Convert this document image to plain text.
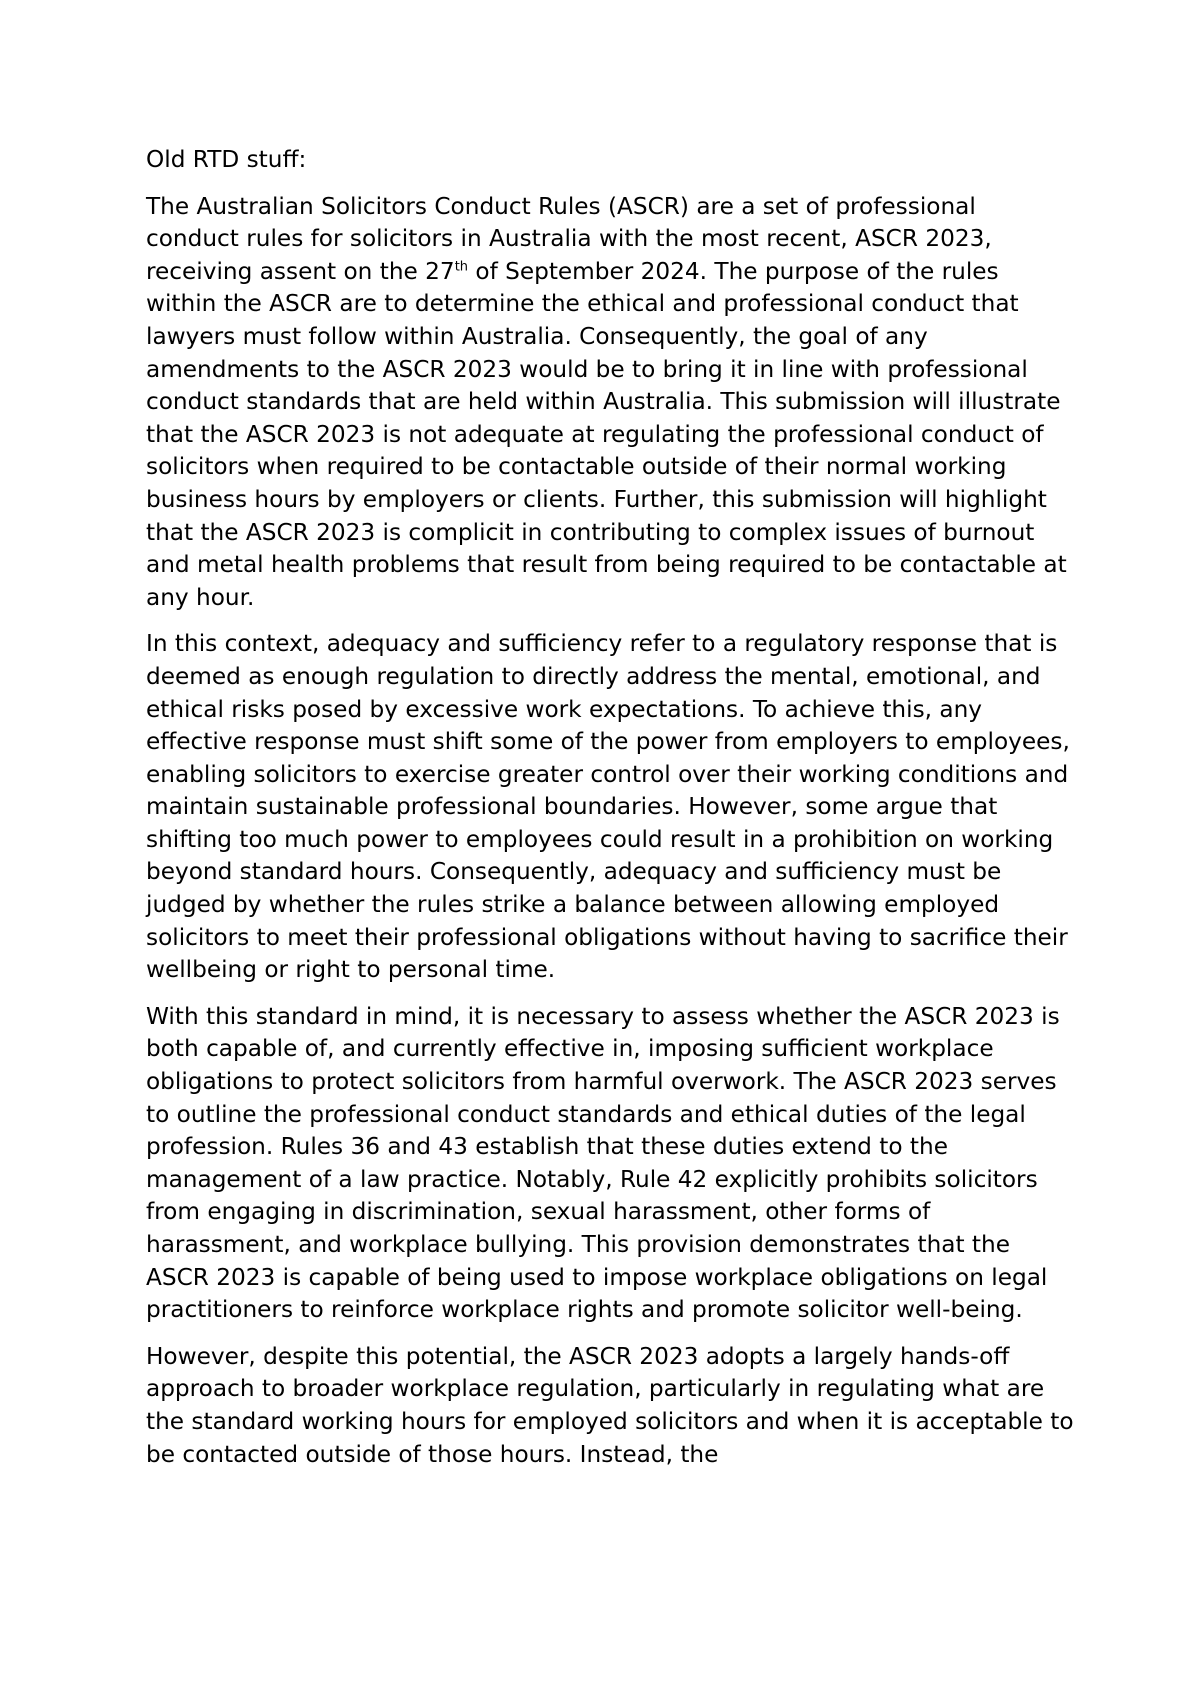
Old RTD stuff:

The Australian Solicitors Conduct Rules (ASCR) are a set of professional conduct rules for solicitors in Australia with the most recent, ASCR 2023, receiving assent on the 27th of September 2024. The purpose of the rules within the ASCR are to determine the ethical and professional conduct that lawyers must follow within Australia. Consequently, the goal of any amendments to the ASCR 2023 would be to bring it in line with professional conduct standards that are held within Australia. This submission will illustrate that the ASCR 2023 is not adequate at regulating the professional conduct of solicitors when required to be contactable outside of their normal working business hours by employers or clients. Further, this submission will highlight that the ASCR 2023 is complicit in contributing to complex issues of burnout and metal health problems that result from being required to be contactable at any hour.

In this context, adequacy and sufficiency refer to a regulatory response that is deemed as enough regulation to directly address the mental, emotional, and ethical risks posed by excessive work expectations. To achieve this, any effective response must shift some of the power from employers to employees, enabling solicitors to exercise greater control over their working conditions and maintain sustainable professional boundaries. However, some argue that shifting too much power to employees could result in a prohibition on working beyond standard hours. Consequently, adequacy and sufficiency must be judged by whether the rules strike a balance between allowing employed solicitors to meet their professional obligations without having to sacrifice their wellbeing or right to personal time.

With this standard in mind, it is necessary to assess whether the ASCR 2023 is both capable of, and currently effective in, imposing sufficient workplace obligations to protect solicitors from harmful overwork. The ASCR 2023 serves to outline the professional conduct standards and ethical duties of the legal profession. Rules 36 and 43 establish that these duties extend to the management of a law practice. Notably, Rule 42 explicitly prohibits solicitors from engaging in discrimination, sexual harassment, other forms of harassment, and workplace bullying. This provision demonstrates that the ASCR 2023 is capable of being used to impose workplace obligations on legal practitioners to reinforce workplace rights and promote solicitor well-being.

However, despite this potential, the ASCR 2023 adopts a largely hands-off approach to broader workplace regulation, particularly in regulating what are the standard working hours for employed solicitors and when it is acceptable to be contacted outside of those hours. Instead, the
